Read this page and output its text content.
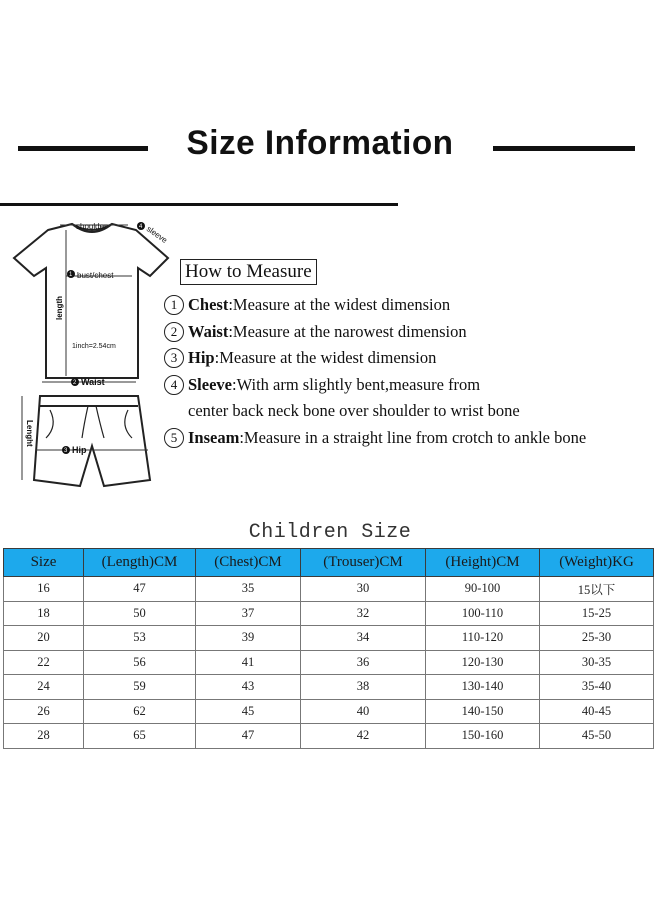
Size Information
shoulder	4 sleeve
1 bust/chest
length
1inch=2.54cm
2 Waist
3 Hip
Lenght
How to Measure
1 Chest:Measure at the widest dimension
2 Waist:Measure at the narowest dimension
3 Hip:Measure at the widest dimension
4 Sleeve:With arm slightly bent,measure from
center back neck bone over shoulder to wrist bone
5 Inseam:Measure in a straight line from crotch to ankle bone
Children Size
Size	(Length)CM	(Chest)CM	(Trouser)CM	(Height)CM	(Weight)KG
16	47	35	30	90-100	15以下
18	50	37	32	100-110	15-25
20	53	39	34	110-120	25-30
22	56	41	36	120-130	30-35
24	59	43	38	130-140	35-40
26	62	45	40	140-150	40-45
28	65	47	42	150-160	45-50
